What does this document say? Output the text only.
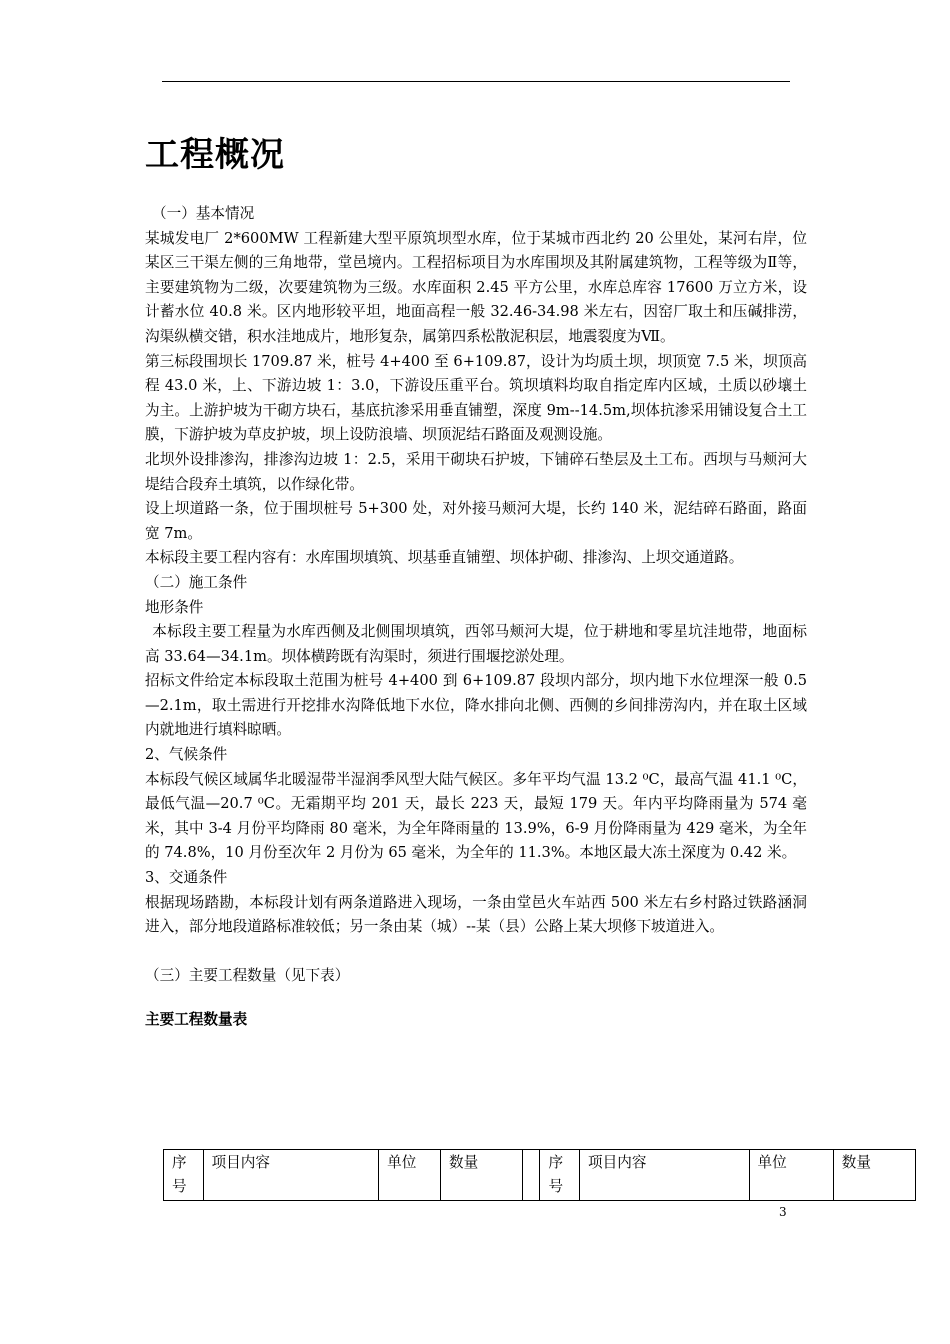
工程概况

（一）基本情况

某城发电厂 2*600MW 工程新建大型平原筑坝型水库，位于某城市西北约 20 公里处，某河右岸，位某区三干渠左侧的三角地带，堂邑境内。工程招标项目为水库围坝及其附属建筑物，工程等级为Ⅱ等，主要建筑物为二级，次要建筑物为三级。水库面积 2.45 平方公里，水库总库容 17600 万立方米，设计蓄水位 40.8 米。区内地形较平坦，地面高程一般 32.46-34.98 米左右，因窑厂取土和压碱排涝，沟渠纵横交错，积水洼地成片，地形复杂，属第四系松散泥积层，地震裂度为Ⅶ。

第三标段围坝长 1709.87 米，桩号 4+400 至 6+109.87，设计为均质土坝，坝顶宽 7.5 米，坝顶高程 43.0 米，上、下游边坡 1：3.0，下游设压重平台。筑坝填料均取自指定库内区域，土质以砂壤土为主。上游护坡为干砌方块石，基底抗渗采用垂直铺塑，深度 9m--14.5m,坝体抗渗采用铺设复合土工膜，下游护坡为草皮护坡，坝上设防浪墙、坝顶泥结石路面及观测设施。

北坝外设排渗沟，排渗沟边坡 1：2.5，采用干砌块石护坡，下铺碎石垫层及土工布。西坝与马颊河大堤结合段弃土填筑，以作绿化带。

设上坝道路一条，位于围坝桩号 5+300 处，对外接马颊河大堤，长约 140 米，泥结碎石路面，路面宽 7m。

本标段主要工程内容有：水库围坝填筑、坝基垂直铺塑、坝体护砌、排渗沟、上坝交通道路。

（二）施工条件

地形条件

本标段主要工程量为水库西侧及北侧围坝填筑，西邻马颊河大堤，位于耕地和零星坑洼地带，地面标高 33.64—34.1m。坝体横跨既有沟渠时，须进行围堰挖淤处理。

招标文件给定本标段取土范围为桩号 4+400 到 6+109.87 段坝内部分，坝内地下水位埋深一般 0.5—2.1m，取土需进行开挖排水沟降低地下水位，降水排向北侧、西侧的乡间排涝沟内，并在取土区域内就地进行填料晾晒。

2、气候条件

本标段气候区域属华北暖湿带半湿润季风型大陆气候区。多年平均气温 13.2 ⁰C，最高气温 41.1 ⁰C，最低气温—20.7 ⁰C。无霜期平均 201 天，最长 223 天，最短 179 天。年内平均降雨量为 574 毫米，其中 3-4 月份平均降雨 80 毫米，为全年降雨量的 13.9%，6-9 月份降雨量为 429 毫米，为全年的 74.8%，10 月份至次年 2 月份为 65 毫米，为全年的 11.3%。本地区最大冻土深度为 0.42 米。

3、交通条件

根据现场踏勘，本标段计划有两条道路进入现场，一条由堂邑火车站西 500 米左右乡村路过铁路涵洞进入，部分地段道路标准较低；另一条由某（城）--某（县）公路上某大坝修下坡道进入。

（三）主要工程数量（见下表）

主要工程数量表

序号	项目内容	单位	数量		序号	项目内容	单位	数量
3
